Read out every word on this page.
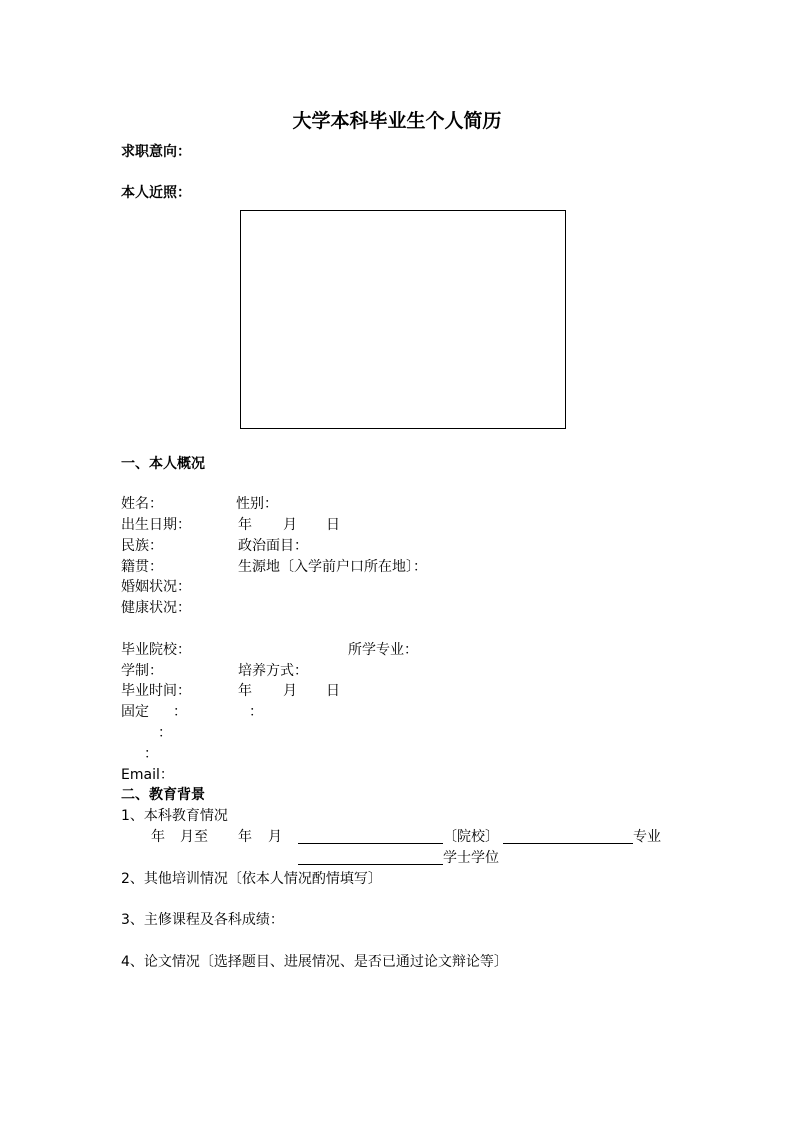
大学本科毕业生个人简历
求职意向：
本人近照：
一、本人概况
姓名：	性别：
出生日期：	年 月 日
民族：	政治面目：
籍贯：	生源地〔入学前户口所在地〕：
婚姻状况：
健康状况：
毕业院校：	所学专业：
学制：	培养方式：
毕业时间：	年 月 日
固定 ：	：
：
：
Email：
二、教育背景
1、本科教育情况
年 月至 年 月	〔院校〕	专业
学士学位
2、其他培训情况〔依本人情况酌情填写〕
3、主修课程及各科成绩：
4、论文情况〔选择题目、进展情况、是否已通过论文辩论等〕
